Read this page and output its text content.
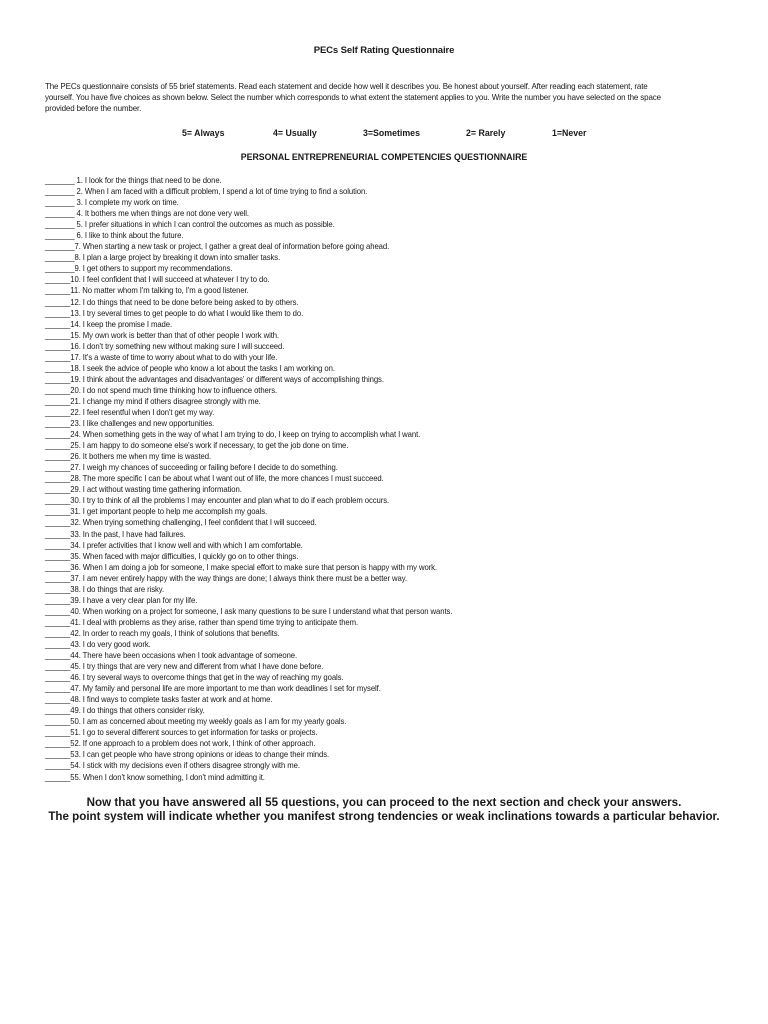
PECs Self Rating Questionnaire
The PECs questionnaire consists of 55 brief statements. Read each statement and decide how well it describes you. Be honest about yourself. After reading each statement, rate yourself. You have five choices as shown below. Select the number which corresponds to what extent the statement applies to you. Write the number you have selected on the space provided before the number.
5= Always	4= Usually	3=Sometimes	2= Rarely	1=Never
PERSONAL ENTREPRENEURIAL COMPETENCIES QUESTIONNAIRE
_______ 1. I look for the things that need to be done.
_______ 2. When I am faced with a difficult problem, I spend a lot of time trying to find a solution.
_______ 3. I complete my work on time.
_______ 4. It bothers me when things are not done very well.
_______ 5. I prefer situations in which I can control the outcomes as much as possible.
_______ 6. I like to think about the future.
_______7. When starting a new task or project, I gather a great deal of information before going ahead.
_______8. I plan a large project by breaking it down into smaller tasks.
_______9. I get others to support my recommendations.
______10. I feel confident that I will succeed at whatever I try to do.
______11. No matter whom I'm talking to, I'm a good listener.
______12. I do things that need to be done before being asked to by others.
______13. I try several times to get people to do what I would like them to do.
______14. I keep the promise I made.
______15. My own work is better than that of other people I work with.
______16. I don't try something new without making sure I will succeed.
______17. It's a waste of time to worry about what to do with your life.
______18. I seek the advice of people who know a lot about the tasks I am working on.
______19. I think about the advantages and disadvantages' or different ways of accomplishing things.
______20. I do not spend much time thinking how to influence others.
______21. I change my mind if others disagree strongly with me.
______22. I feel resentful when I don't get my way.
______23. I like challenges and new opportunities.
______24. When something gets in the way of what I am trying to do, I keep on trying to accomplish what I want.
______25. I am happy to do someone else's work if necessary, to get the job done on time.
______26. It bothers me when my time is wasted.
______27. I weigh my chances of succeeding or failing before I decide to do something.
______28. The more specific I can be about what I want out of life, the more chances I must succeed.
______29. I act without wasting time gathering information.
______30. I try to think of all the problems I may encounter and plan what to do if each problem occurs.
______31. I get important people to help me accomplish my goals.
______32. When trying something challenging, I feel confident that I will succeed.
______33. In the past, I have had failures.
______34. I prefer activities that I know well and with which I am comfortable.
______35. When faced with major difficulties, I quickly go on to other things.
______36. When I am doing a job for someone, I make special effort to make sure that person is happy with my work.
______37. I am never entirely happy with the way things are done; I always think there must be a better way.
______38. I do things that are risky.
______39. I have a very clear plan for my life.
______40. When working on a project for someone, I ask many questions to be sure I understand what that person wants.
______41. I deal with problems as they arise, rather than spend time trying to anticipate them.
______42. In order to reach my goals, I think of solutions that benefits.
______43. I do very good work.
______44. There have been occasions when I took advantage of someone.
______45. I try things that are very new and different from what I have done before.
______46. I try several ways to overcome things that get in the way of reaching my goals.
______47. My family and personal life are more important to me than work deadlines I set for myself.
______48. I find ways to complete tasks faster at work and at home.
______49. I do things that others consider risky.
______50. I am as concerned about meeting my weekly goals as I am for my yearly goals.
______51. I go to several different sources to get information for tasks or projects.
______52. If one approach to a problem does not work, I think of other approach.
______53. I can get people who have strong opinions or ideas to change their minds.
______54. I stick with my decisions even if others disagree strongly with me.
______55. When I don't know something, I don't mind admitting it.
Now that you have answered all 55 questions, you can proceed to the next section and check your answers.
The point system will indicate whether you manifest strong tendencies or weak inclinations towards a particular behavior.
